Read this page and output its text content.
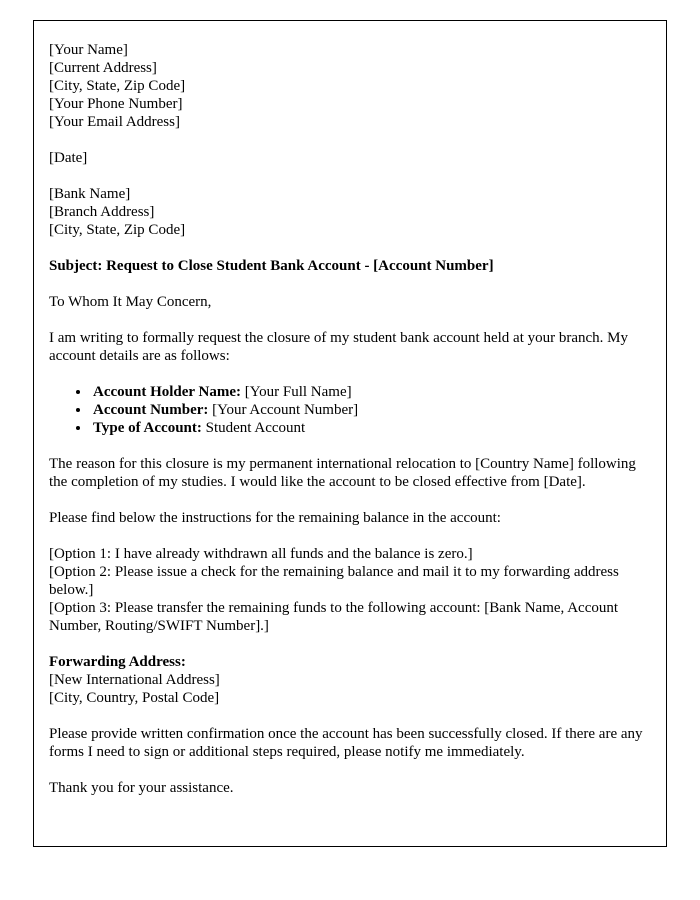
[Your Name]
[Current Address]
[City, State, Zip Code]
[Your Phone Number]
[Your Email Address]
[Date]
[Bank Name]
[Branch Address]
[City, State, Zip Code]
Subject: Request to Close Student Bank Account - [Account Number]
To Whom It May Concern,
I am writing to formally request the closure of my student bank account held at your branch. My account details are as follows:
• Account Holder Name: [Your Full Name]
• Account Number: [Your Account Number]
• Type of Account: Student Account
The reason for this closure is my permanent international relocation to [Country Name] following the completion of my studies. I would like the account to be closed effective from [Date].
Please find below the instructions for the remaining balance in the account:
[Option 1: I have already withdrawn all funds and the balance is zero.]
[Option 2: Please issue a check for the remaining balance and mail it to my forwarding address below.]
[Option 3: Please transfer the remaining funds to the following account: [Bank Name, Account Number, Routing/SWIFT Number].]
Forwarding Address:
[New International Address]
[City, Country, Postal Code]
Please provide written confirmation once the account has been successfully closed. If there are any forms I need to sign or additional steps required, please notify me immediately.
Thank you for your assistance.
